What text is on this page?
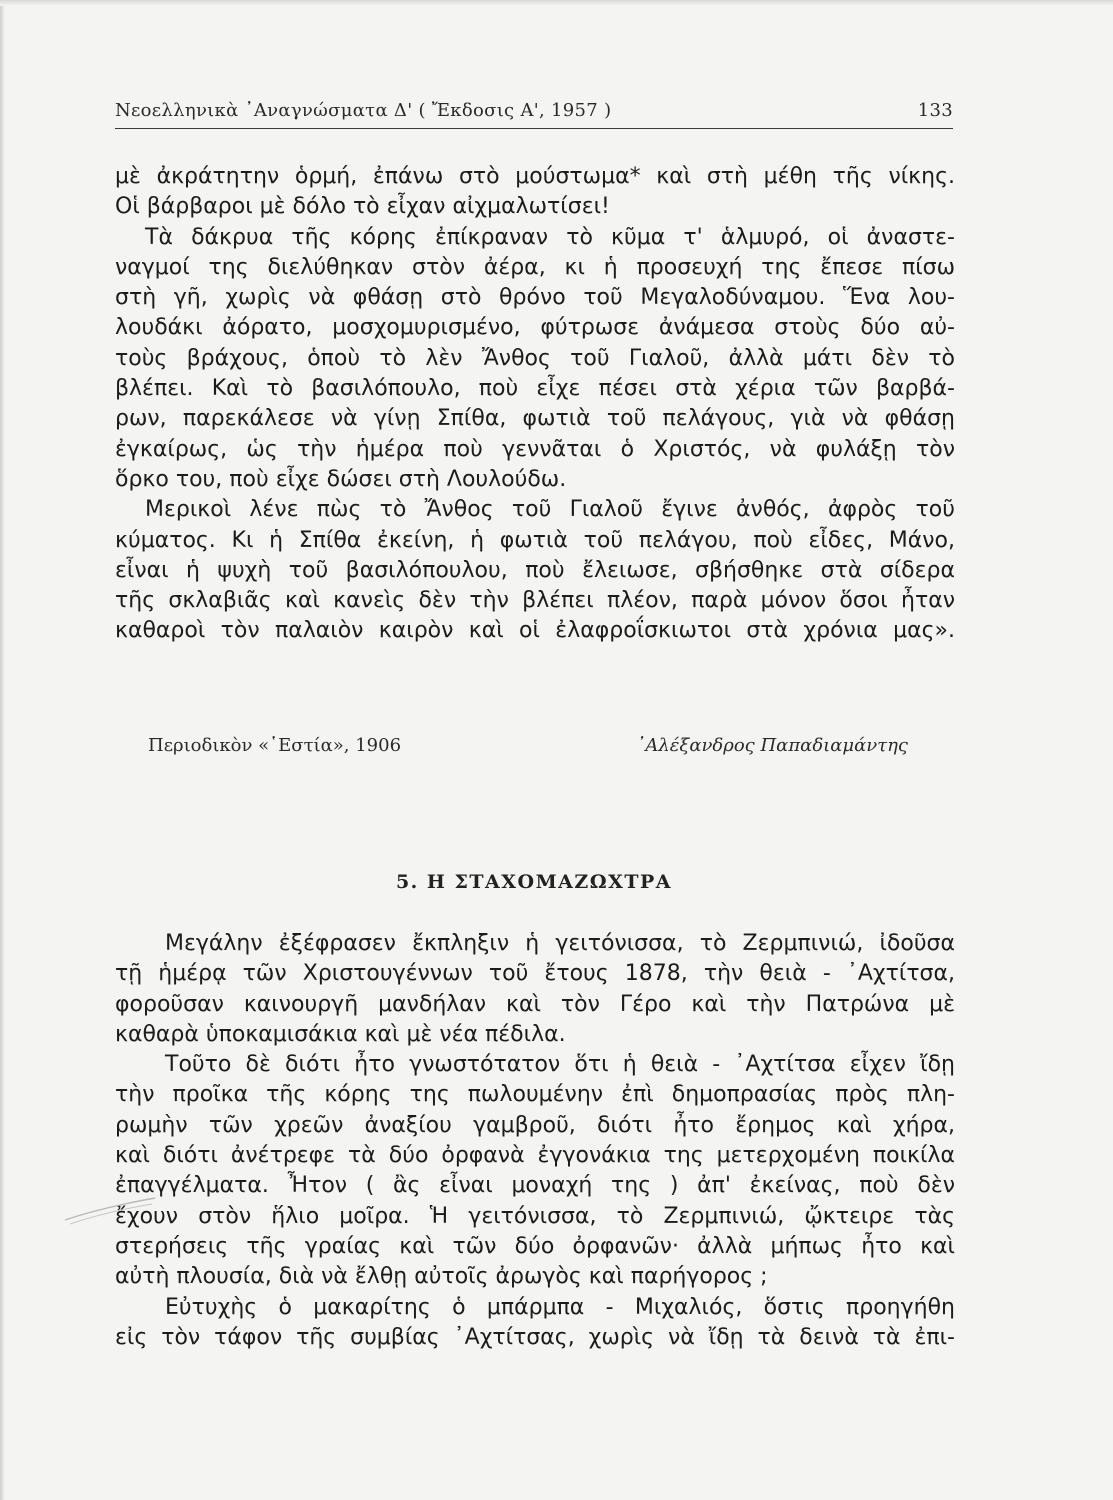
Νεοελληνικὰ ᾿Αναγνώσματα Δ' ( Ἔκδοσις Α', 1957 )	133
μὲ ἀκράτητην ὁρμή, ἐπάνω στὸ μούστωμα* καὶ στὴ μέθη τῆς νίκης.
Οἱ βάρβαροι μὲ δόλο τὸ εἶχαν αἰχμαλωτίσει!
Τὰ δάκρυα τῆς κόρης ἐπίκραναν τὸ κῦμα τ' ἁλμυρό, οἱ ἀναστε-
ναγμοί της διελύθηκαν στὸν ἀέρα, κι ἡ προσευχή της ἔπεσε πίσω
στὴ γῆ, χωρὶς νὰ φθάσῃ στὸ θρόνο τοῦ Μεγαλοδύναμου. Ἕνα λου-
λουδάκι ἀόρατο, μοσχομυρισμένο, φύτρωσε ἀνάμεσα στοὺς δύο αὐ-
τοὺς βράχους, ὁποὺ τὸ λὲν Ἄνθος τοῦ Γιαλοῦ, ἀλλὰ μάτι δὲν τὸ
βλέπει. Καὶ τὸ βασιλόπουλο, ποὺ εἶχε πέσει στὰ χέρια τῶν βαρβά-
ρων, παρεκάλεσε νὰ γίνῃ Σπίθα, φωτιὰ τοῦ πελάγους, γιὰ νὰ φθάσῃ
ἐγκαίρως, ὡς τὴν ἡμέρα ποὺ γεννᾶται ὁ Χριστός, νὰ φυλάξῃ τὸν
ὅρκο του, ποὺ εἶχε δώσει στὴ Λουλούδω.
Μερικοὶ λένε πὼς τὸ Ἄνθος τοῦ Γιαλοῦ ἔγινε ἀνθός, ἀφρὸς τοῦ
κύματος. Κι ἡ Σπίθα ἐκείνη, ἡ φωτιὰ τοῦ πελάγου, ποὺ εἶδες, Μάνο,
εἶναι ἡ ψυχὴ τοῦ βασιλόπουλου, ποὺ ἔλειωσε, σβήσθηκε στὰ σίδερα
τῆς σκλαβιᾶς καὶ κανεὶς δὲν τὴν βλέπει πλέον, παρὰ μόνον ὅσοι ἦταν
καθαροὶ τὸν παλαιὸν καιρὸν καὶ οἱ ἐλαφροΐσκιωτοι στὰ χρόνια μας».
Περιοδικὸν «῾Εστία», 1906	᾿Αλέξανδρος Παπαδιαμάντης
5. Η ΣΤΑΧΟΜΑΖΩΧΤΡΑ
Μεγάλην ἐξέφρασεν ἔκπληξιν ἡ γειτόνισσα, τὸ Ζερμπινιώ, ἰδοῦσα
τῇ ἡμέρᾳ τῶν Χριστουγέννων τοῦ ἔτους 1878, τὴν θειὰ - ᾿Αχτίτσα,
φοροῦσαν καινουργῆ μανδήλαν καὶ τὸν Γέρο καὶ τὴν Πατρώνα μὲ
καθαρὰ ὑποκαμισάκια καὶ μὲ νέα πέδιλα.
Τοῦτο δὲ διότι ἦτο γνωστότατον ὅτι ἡ θειὰ - ᾿Αχτίτσα εἶχεν ἴδῃ
τὴν προῖκα τῆς κόρης της πωλουμένην ἐπὶ δημοπρασίας πρὸς πλη-
ρωμὴν τῶν χρεῶν ἀναξίου γαμβροῦ, διότι ἦτο ἔρημος καὶ χήρα,
καὶ διότι ἀνέτρεφε τὰ δύο ὀρφανὰ ἐγγονάκια της μετερχομένη ποικίλα
ἐπαγγέλματα. Ἦτον ( ἂς εἶναι μοναχή της ) ἀπ' ἐκείνας, ποὺ δὲν
ἔχουν στὸν ἥλιο μοῖρα. Ἡ γειτόνισσα, τὸ Ζερμπινιώ, ᾤκτειρε τὰς
στερήσεις τῆς γραίας καὶ τῶν δύο ὀρφανῶν· ἀλλὰ μήπως ἦτο καὶ
αὐτὴ πλουσία, διὰ νὰ ἔλθῃ αὐτοῖς ἀρωγὸς καὶ παρήγορος ;
Εὐτυχὴς ὁ μακαρίτης ὁ μπάρμπα - Μιχαλιός, ὅστις προηγήθη
εἰς τὸν τάφον τῆς συμβίας ᾿Αχτίτσας, χωρὶς νὰ ἴδῃ τὰ δεινὰ τὰ ἐπι-
